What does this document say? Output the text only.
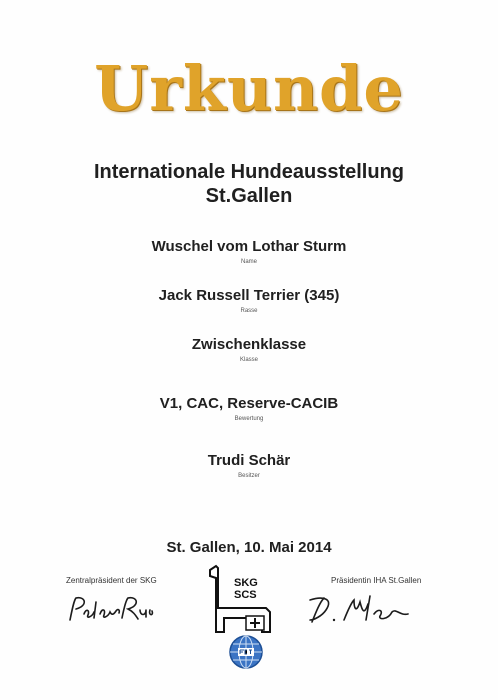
Urkunde
Internationale Hundeausstellung
St.Gallen
Wuschel vom Lothar Sturm
Name
Jack Russell Terrier (345)
Rasse
Zwischenklasse
Klasse
V1, CAC, Reserve-CACIB
Bewertung
Trudi Schär
Besitzer
St. Gallen, 10. Mai 2014
Zentralpräsident der SKG	Präsidentin IHA St.Gallen
SKG
SCS
